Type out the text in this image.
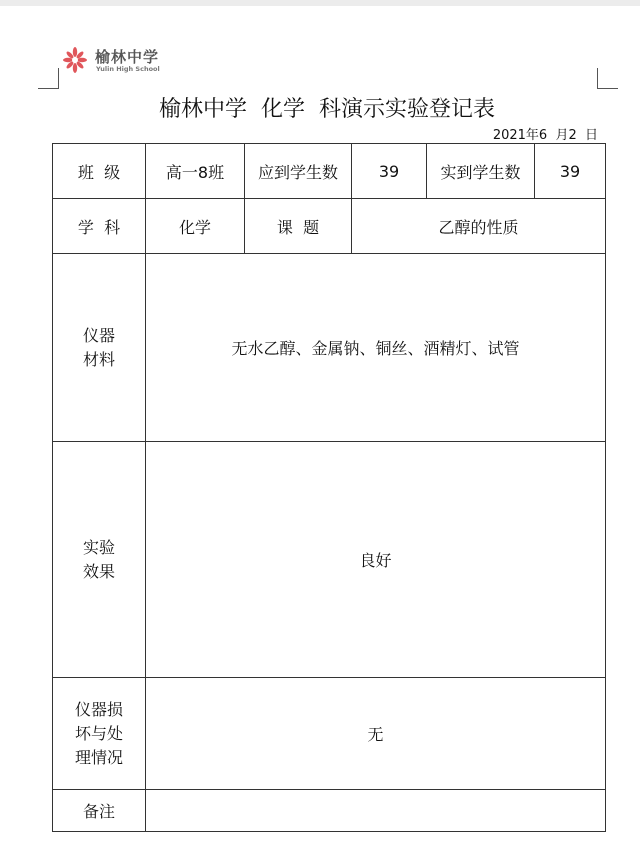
榆林中学
Yulin High School
榆林中学  化学  科演示实验登记表
2021年6  月2  日
班  级	高一8班	应到学生数	39	实到学生数	39
学  科	化学	课  题	乙醇的性质		
仪器
材料	无水乙醇、金属钠、铜丝、酒精灯、试管				
实验
效果	良好				
仪器损
坏与处
理情况	无				
备注					
